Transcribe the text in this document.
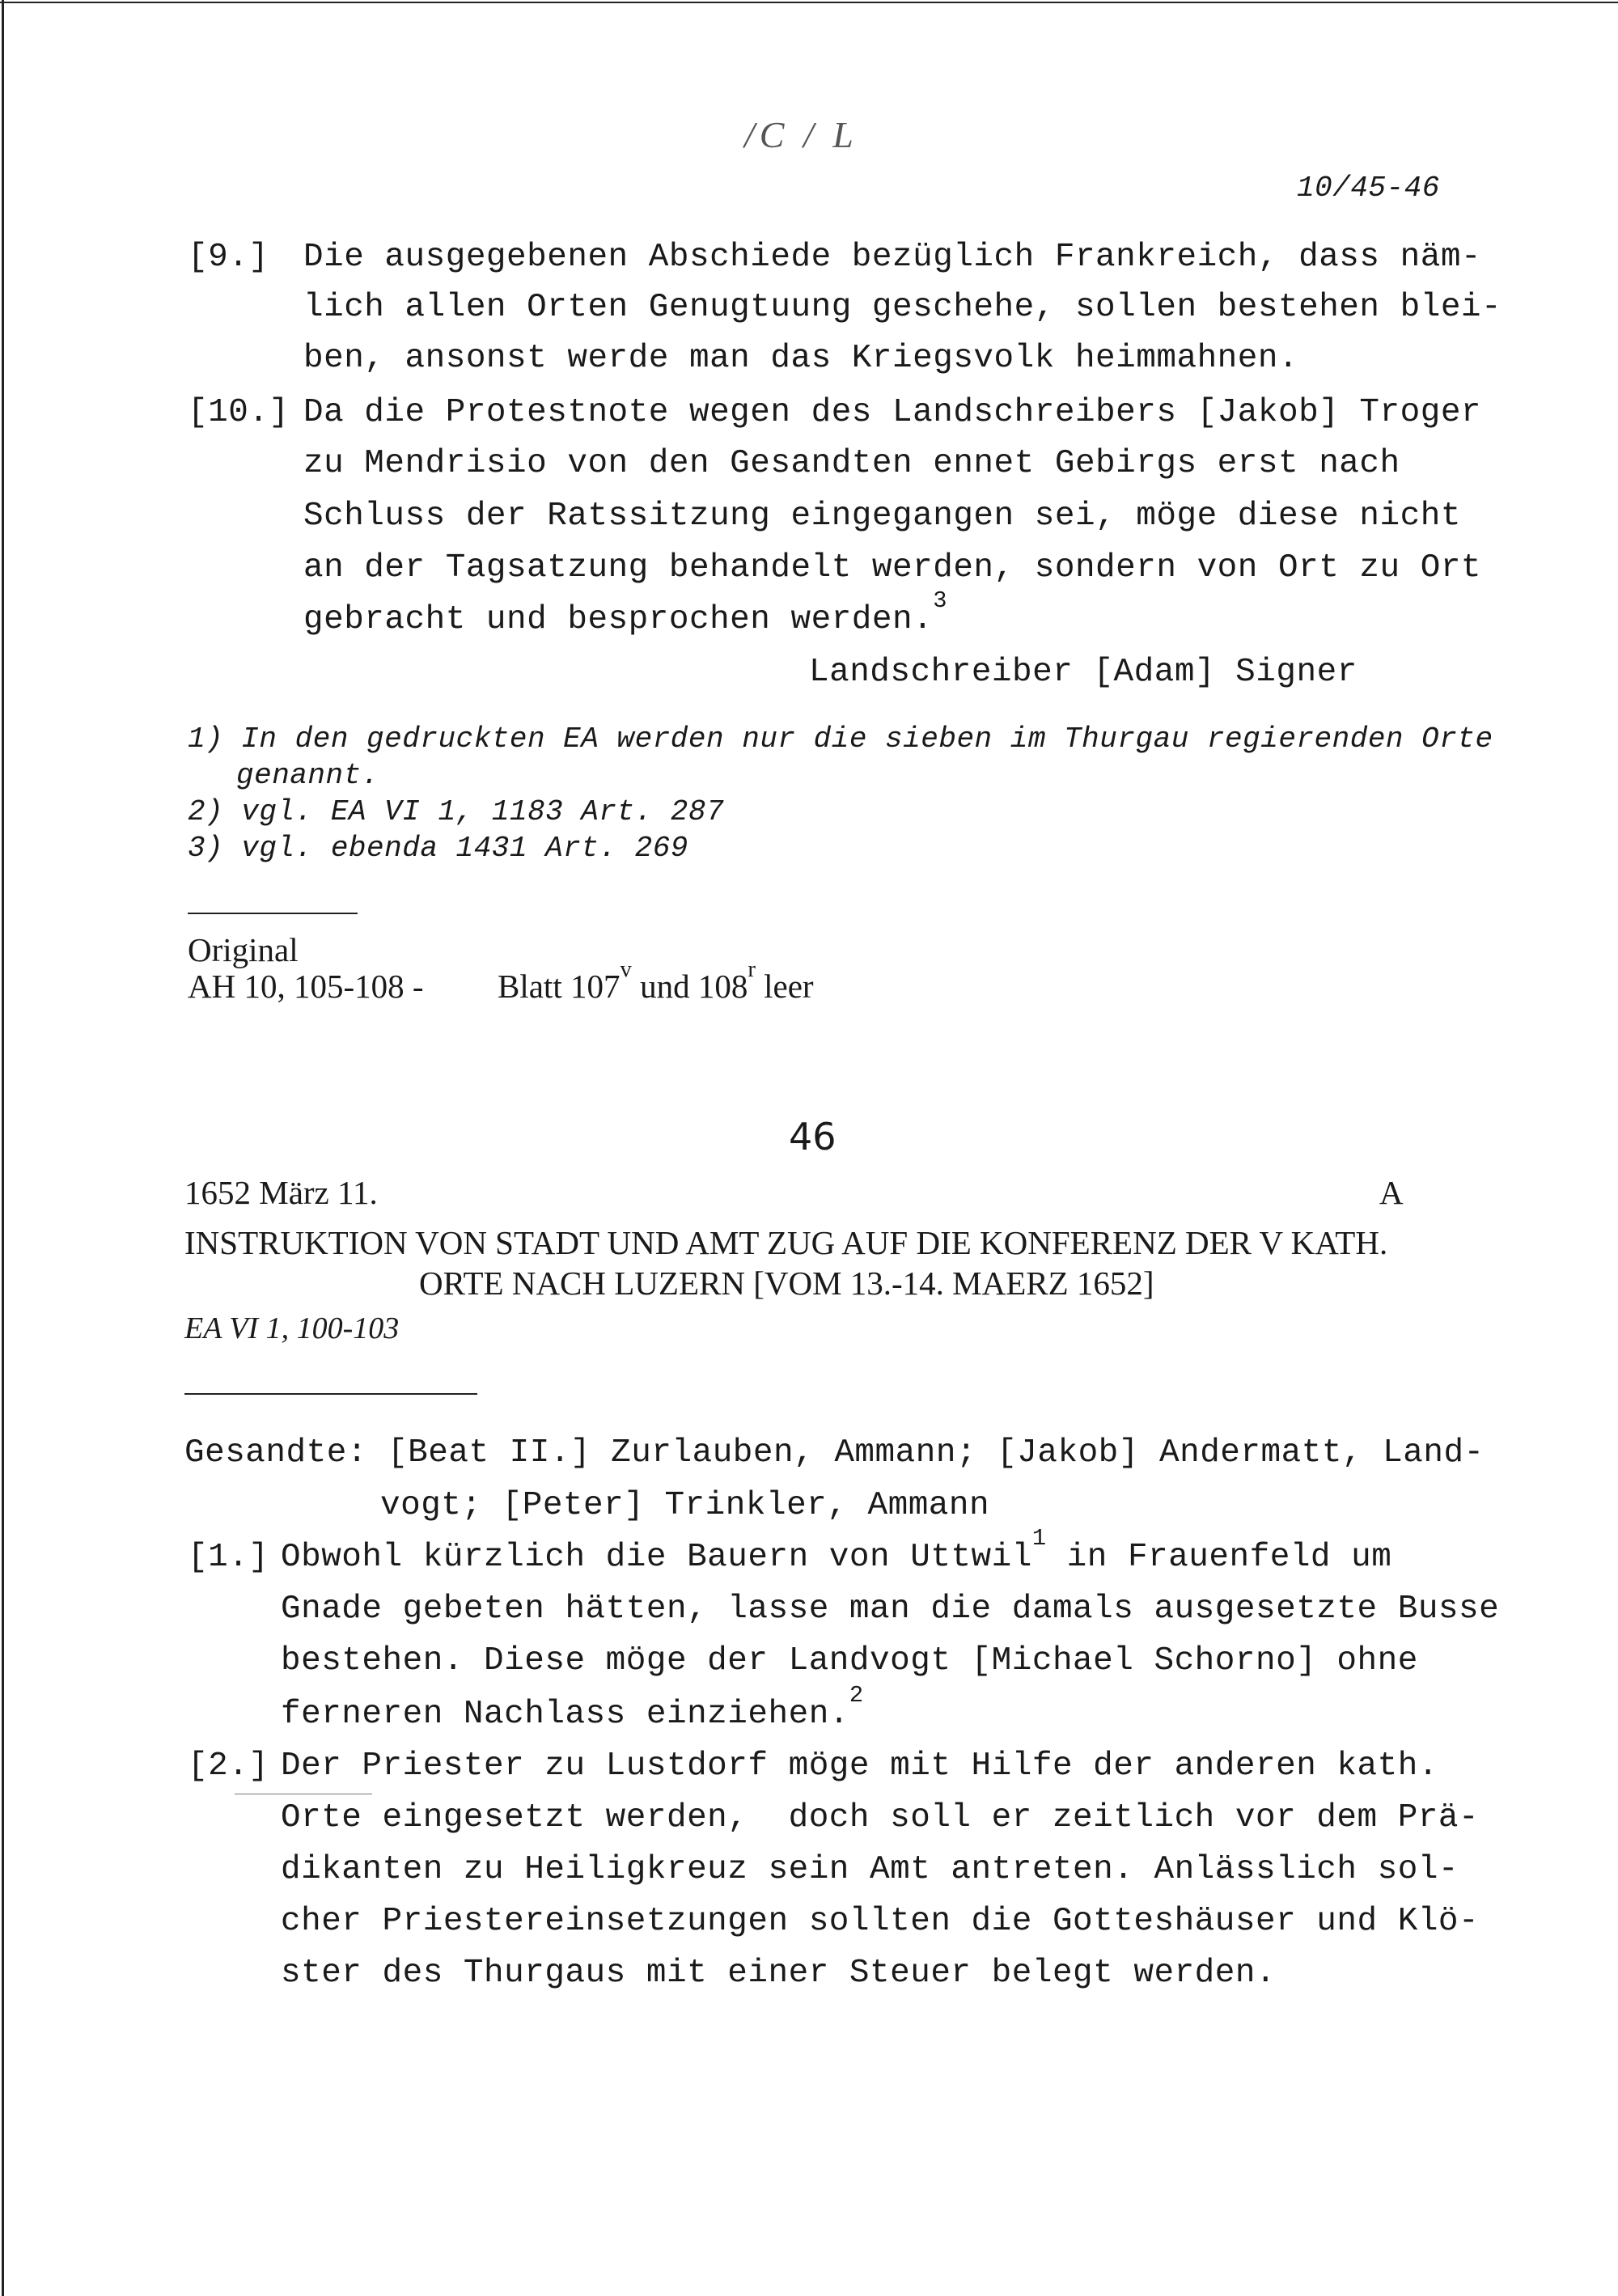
/C / L
10/45-46
[9.] Die ausgegebenen Abschiede bezüglich Frankreich, dass näm-
lich allen Orten Genugtuung geschehe, sollen bestehen blei-
ben, ansonst werde man das Kriegsvolk heimmahnen.
[10.] Da die Protestnote wegen des Landschreibers [Jakob] Troger
zu Mendrisio von den Gesandten ennet Gebirgs erst nach
Schluss der Ratssitzung eingegangen sei, möge diese nicht
an der Tagsatzung behandelt werden, sondern von Ort zu Ort
gebracht und besprochen werden.$^3$
Landschreiber [Adam] Signer
1) In den gedruckten EA werden nur die sieben im Thurgau regierenden Orte
genannt.
2) vgl. EA VI 1, 1183 Art. 287
3) vgl. ebenda 1431 Art. 269
Original
AH 10, 105-108 - Blatt 107$^v$ und 108$^r$ leer
46
1652 März 11.	A
INSTRUKTION VON STADT UND AMT ZUG AUF DIE KONFERENZ DER V KATH.
ORTE NACH LUZERN [VOM 13.-14. MAERZ 1652]
EA VI 1, 100-103
Gesandte: [Beat II.] Zurlauben, Ammann; [Jakob] Andermatt, Land-
vogt; [Peter] Trinkler, Ammann
[1.] Obwohl kürzlich die Bauern von Uttwil$^1$ in Frauenfeld um
Gnade gebeten hätten, lasse man die damals ausgesetzte Busse
bestehen. Diese möge der Landvogt [Michael Schorno] ohne
ferneren Nachlass einziehen.$^2$
[2.] Der Priester zu Lustdorf möge mit Hilfe der anderen kath.
Orte eingesetzt werden,  doch soll er zeitlich vor dem Prä-
dikanten zu Heiligkreuz sein Amt antreten. Anlässlich sol-
cher Priestereinsetzungen sollten die Gotteshäuser und Klö-
ster des Thurgaus mit einer Steuer belegt werden.
